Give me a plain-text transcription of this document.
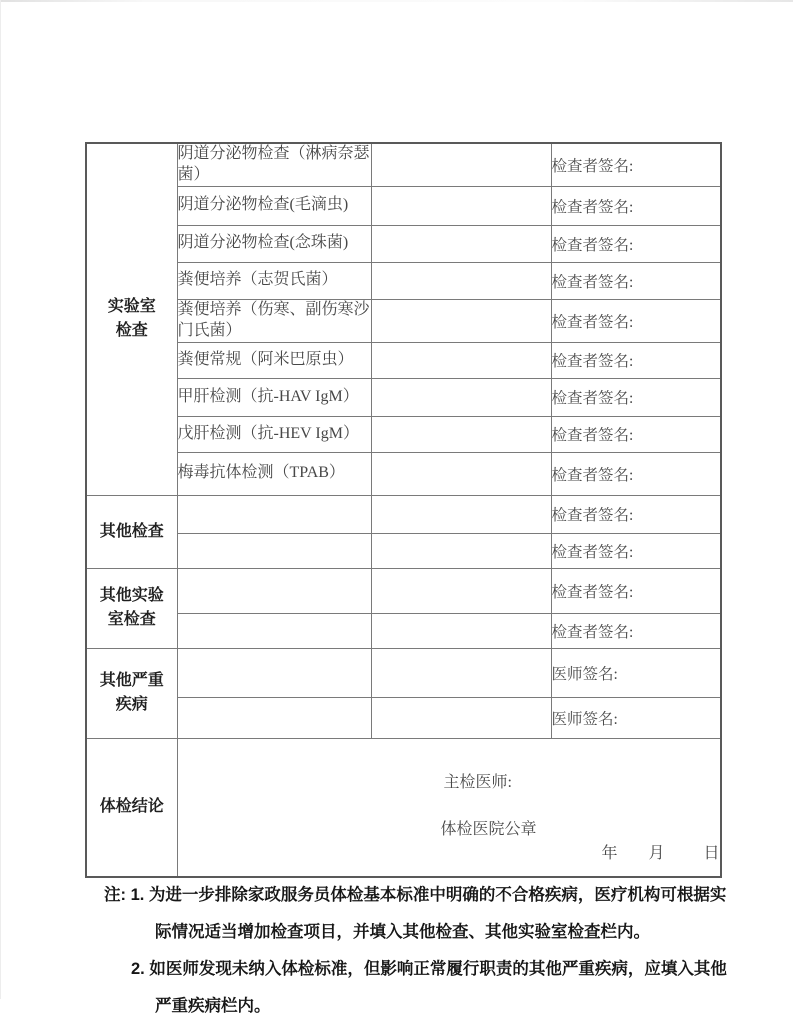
实验室
检查	阴道分泌物检查（淋病奈瑟菌）		检查者签名:
	阴道分泌物检查(毛滴虫)		检查者签名:
	阴道分泌物检查(念珠菌)		检查者签名:
	粪便培养（志贺氏菌）		检查者签名:
	粪便培养（伤寒、副伤寒沙门氏菌）		检查者签名:
	粪便常规（阿米巴原虫）		检查者签名:
	甲肝检测（抗-HAV IgM）		检查者签名:
	戊肝检测（抗-HEV IgM）		检查者签名:
	梅毒抗体检测（TPAB）		检查者签名:

其他检查			检查者签名:
			检查者签名:

其他实验
室检查			检查者签名:
			检查者签名:

其他严重
疾病			医师签名:
			医师签名:

体检结论	主检医师:
体检医院公章
年 月 日		
注: 1. 为进一步排除家政服务员体检基本标准中明确的不合格疾病，医疗机构可根据实
际情况适当增加检查项目，并填入其他检查、其他实验室检查栏内。
2. 如医师发现未纳入体检标准，但影响正常履行职责的其他严重疾病，应填入其他
严重疾病栏内。
